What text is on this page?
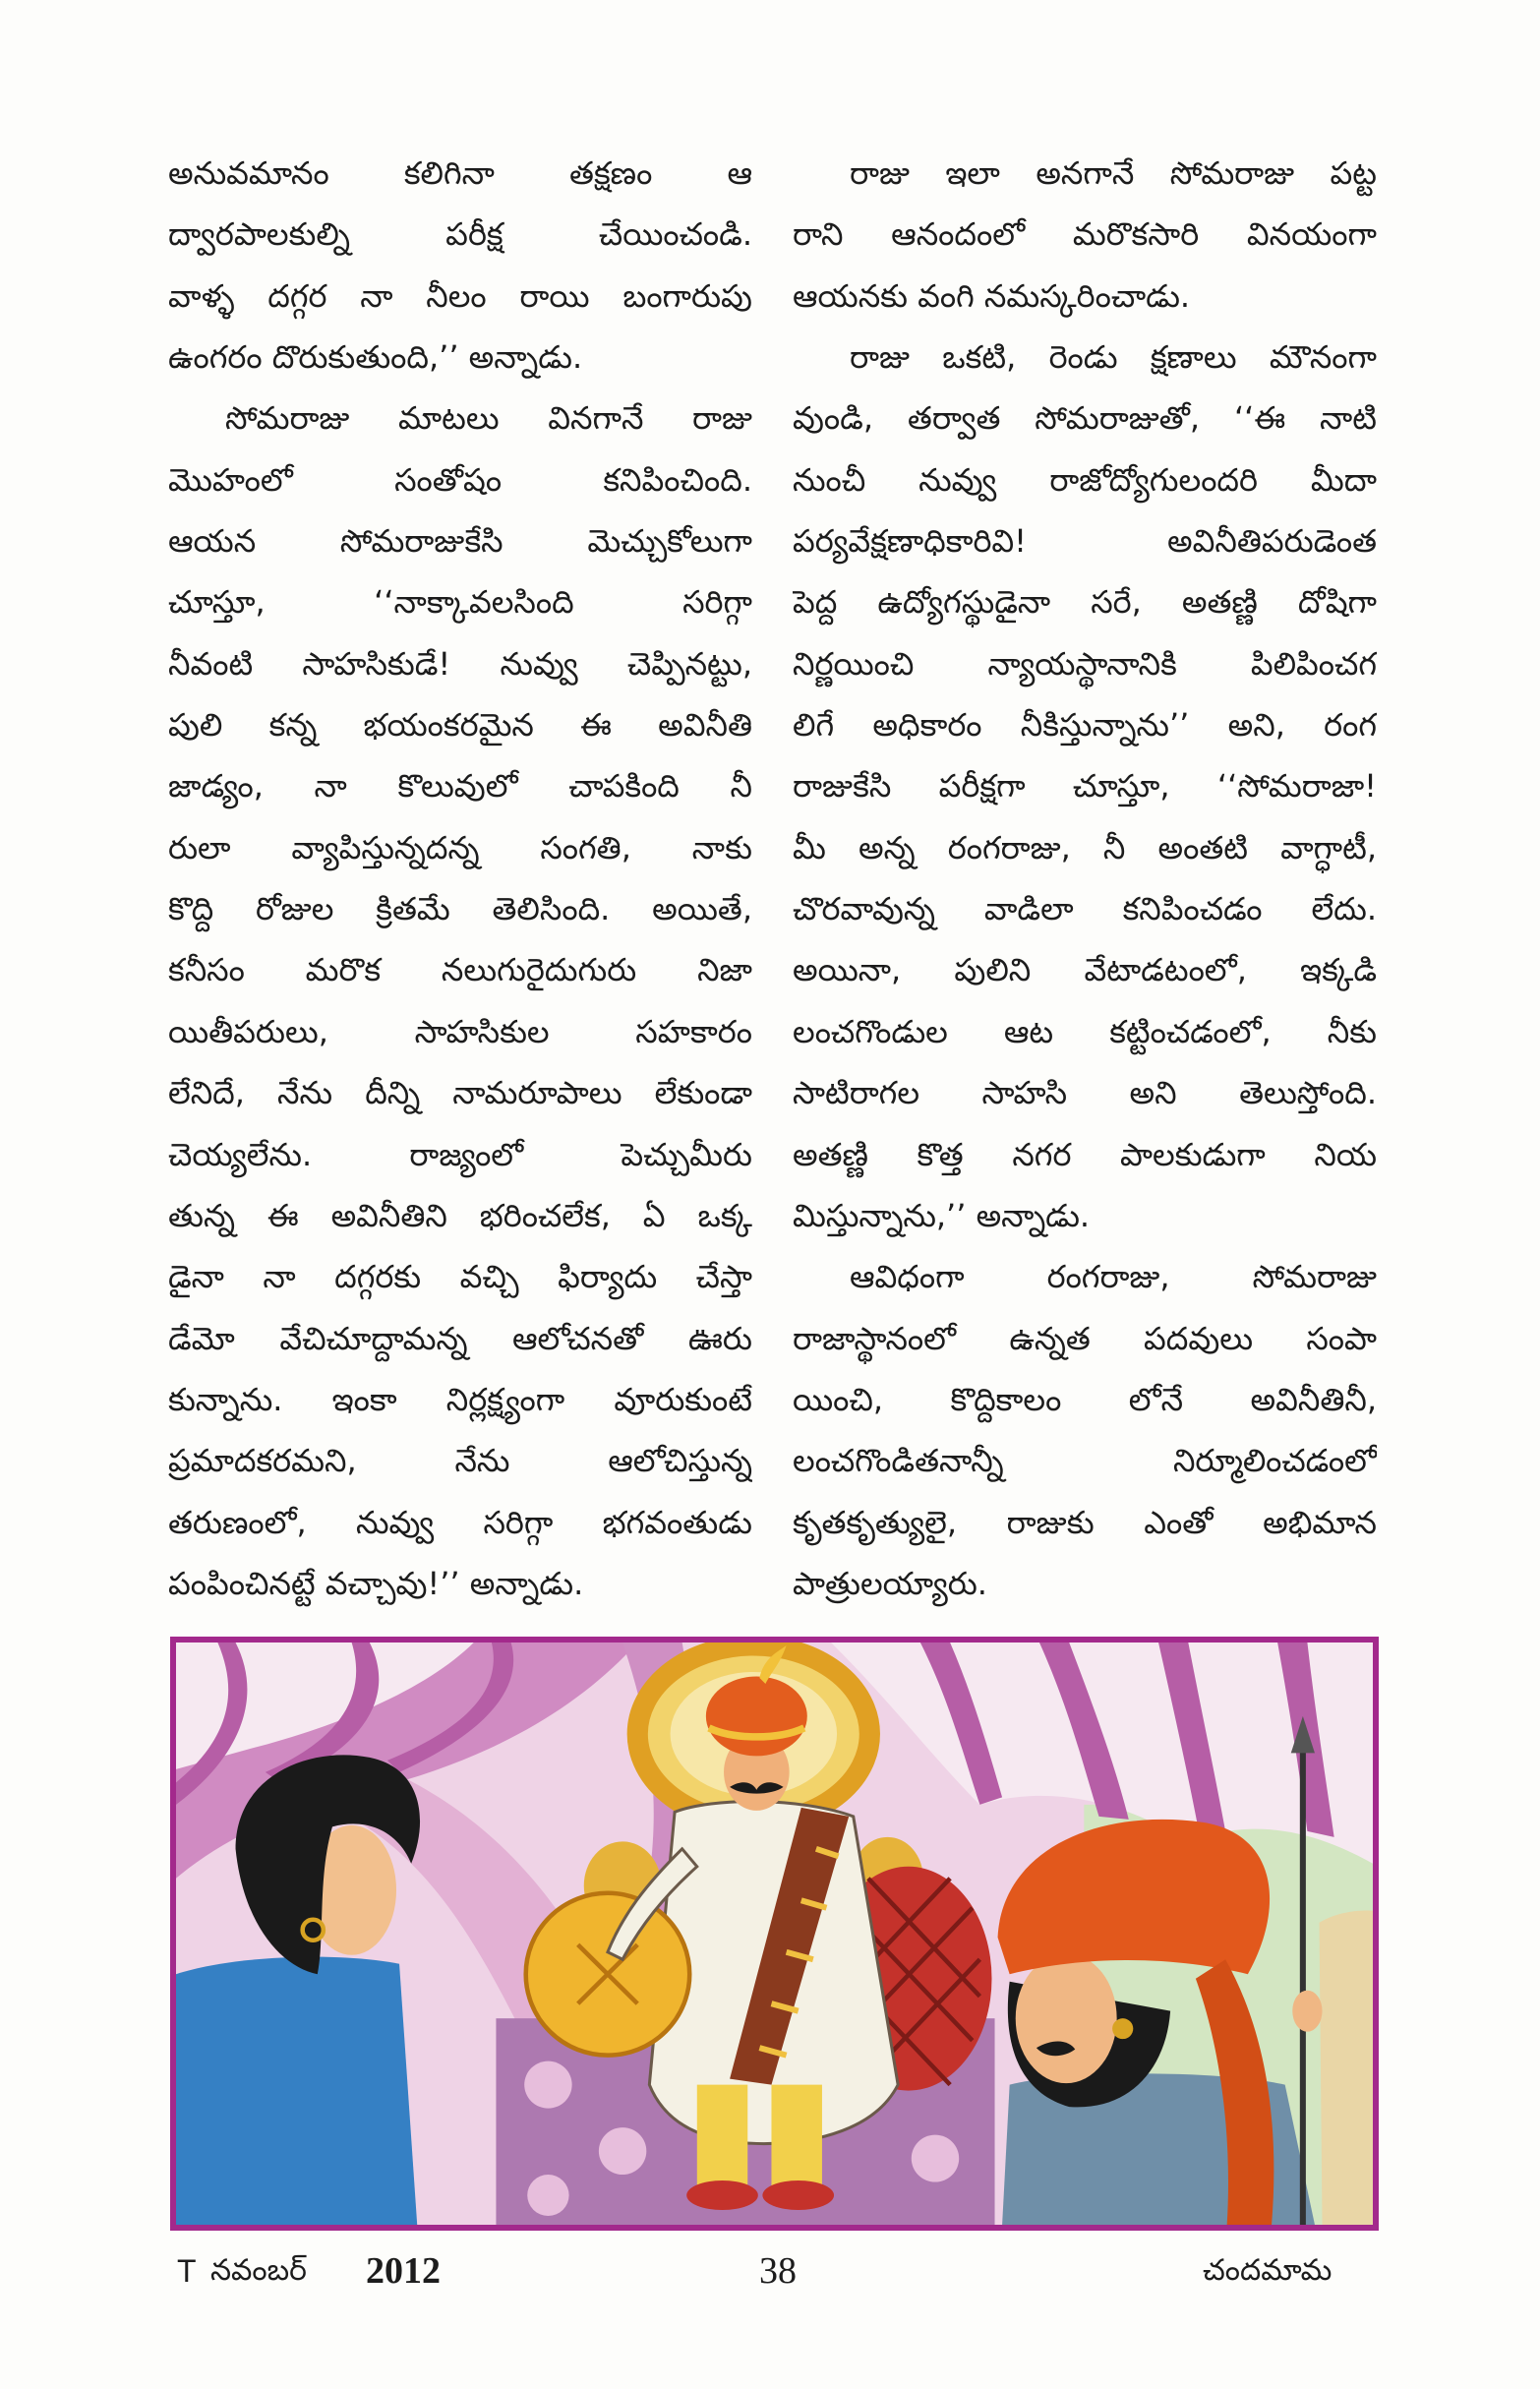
అనువమానం కలిగినా తక్షణం ఆ
ద్వారపాలకుల్ని పరీక్ష చేయించండి.
వాళ్ళ దగ్గర నా నీలం రాయి బంగారుపు
ఉంగరం దొరుకుతుంది,’’ అన్నాడు.
సోమరాజు మాటలు వినగానే రాజు
మొహంలో సంతోషం కనిపించింది.
ఆయన సోమరాజుకేసి మెచ్చుకోలుగా
చూస్తూ, ‘‘నాక్కావలసింది సరిగ్గా
నీవంటి సాహసికుడే! నువ్వు చెప్పినట్టు,
పులి కన్న భయంకరమైన ఈ అవినీతి
జాడ్యం, నా కొలువులో చాపకింది నీ
రులా వ్యాపిస్తున్నదన్న సంగతి, నాకు
కొద్ది రోజుల క్రితమే తెలిసింది. అయితే,
కనీసం మరొక నలుగురైదుగురు నిజా
యితీపరులు, సాహసికుల సహకారం
లేనిదే, నేను దీన్ని నామరూపాలు లేకుండా
చెయ్యలేను. రాజ్యంలో పెచ్చుమీరు
తున్న ఈ అవినీతిని భరించలేక, ఏ ఒక్క
డైనా నా దగ్గరకు వచ్చి ఫిర్యాదు చేస్తా
డేమో వేచిచూద్దామన్న ఆలోచనతో ఊరు
కున్నాను. ఇంకా నిర్లక్ష్యంగా వూరుకుంటే
ప్రమాదకరమని, నేను ఆలోచిస్తున్న
తరుణంలో, నువ్వు సరిగ్గా భగవంతుడు
పంపించినట్టే వచ్చావు!’’ అన్నాడు.
రాజు ఇలా అనగానే సోమరాజు పట్ట
రాని ఆనందంలో మరొకసారి వినయంగా
ఆయనకు వంగి నమస్కరించాడు.
రాజు ఒకటి, రెండు క్షణాలు మౌనంగా
వుండి, తర్వాత సోమరాజుతో, ‘‘ఈ నాటి
నుంచీ నువ్వు రాజోద్యోగులందరి మీదా
పర్యవేక్షణాధికారివి! అవినీతిపరుడెంత
పెద్ద ఉద్యోగస్థుడైనా సరే, అతణ్ణి దోషిగా
నిర్ణయించి న్యాయస్థానానికి పిలిపించగ
లిగే అధికారం నీకిస్తున్నాను’’ అని, రంగ
రాజుకేసి పరీక్షగా చూస్తూ, ‘‘సోమరాజా!
మీ అన్న రంగరాజు, నీ అంతటి వాగ్ధాటీ,
చొరవావున్న వాడిలా కనిపించడం లేదు.
అయినా, పులిని వేటాడటంలో, ఇక్కడి
లంచగొండుల ఆట కట్టించడంలో, నీకు
సాటిరాగల సాహసి అని తెలుస్తోంది.
అతణ్ణి కొత్త నగర పాలకుడుగా నియ
మిస్తున్నాను,’’ అన్నాడు.
ఆవిధంగా రంగరాజు, సోమరాజు
రాజాస్థానంలో ఉన్నత పదవులు సంపా
యించి, కొద్దికాలం లోనే అవినీతినీ,
లంచగొండితనాన్నీ నిర్మూలించడంలో
కృతకృత్యులై, రాజుకు ఎంతో అభిమాన
పాత్రులయ్యారు.
T నవంబర్ 2012	38	చందమామ
